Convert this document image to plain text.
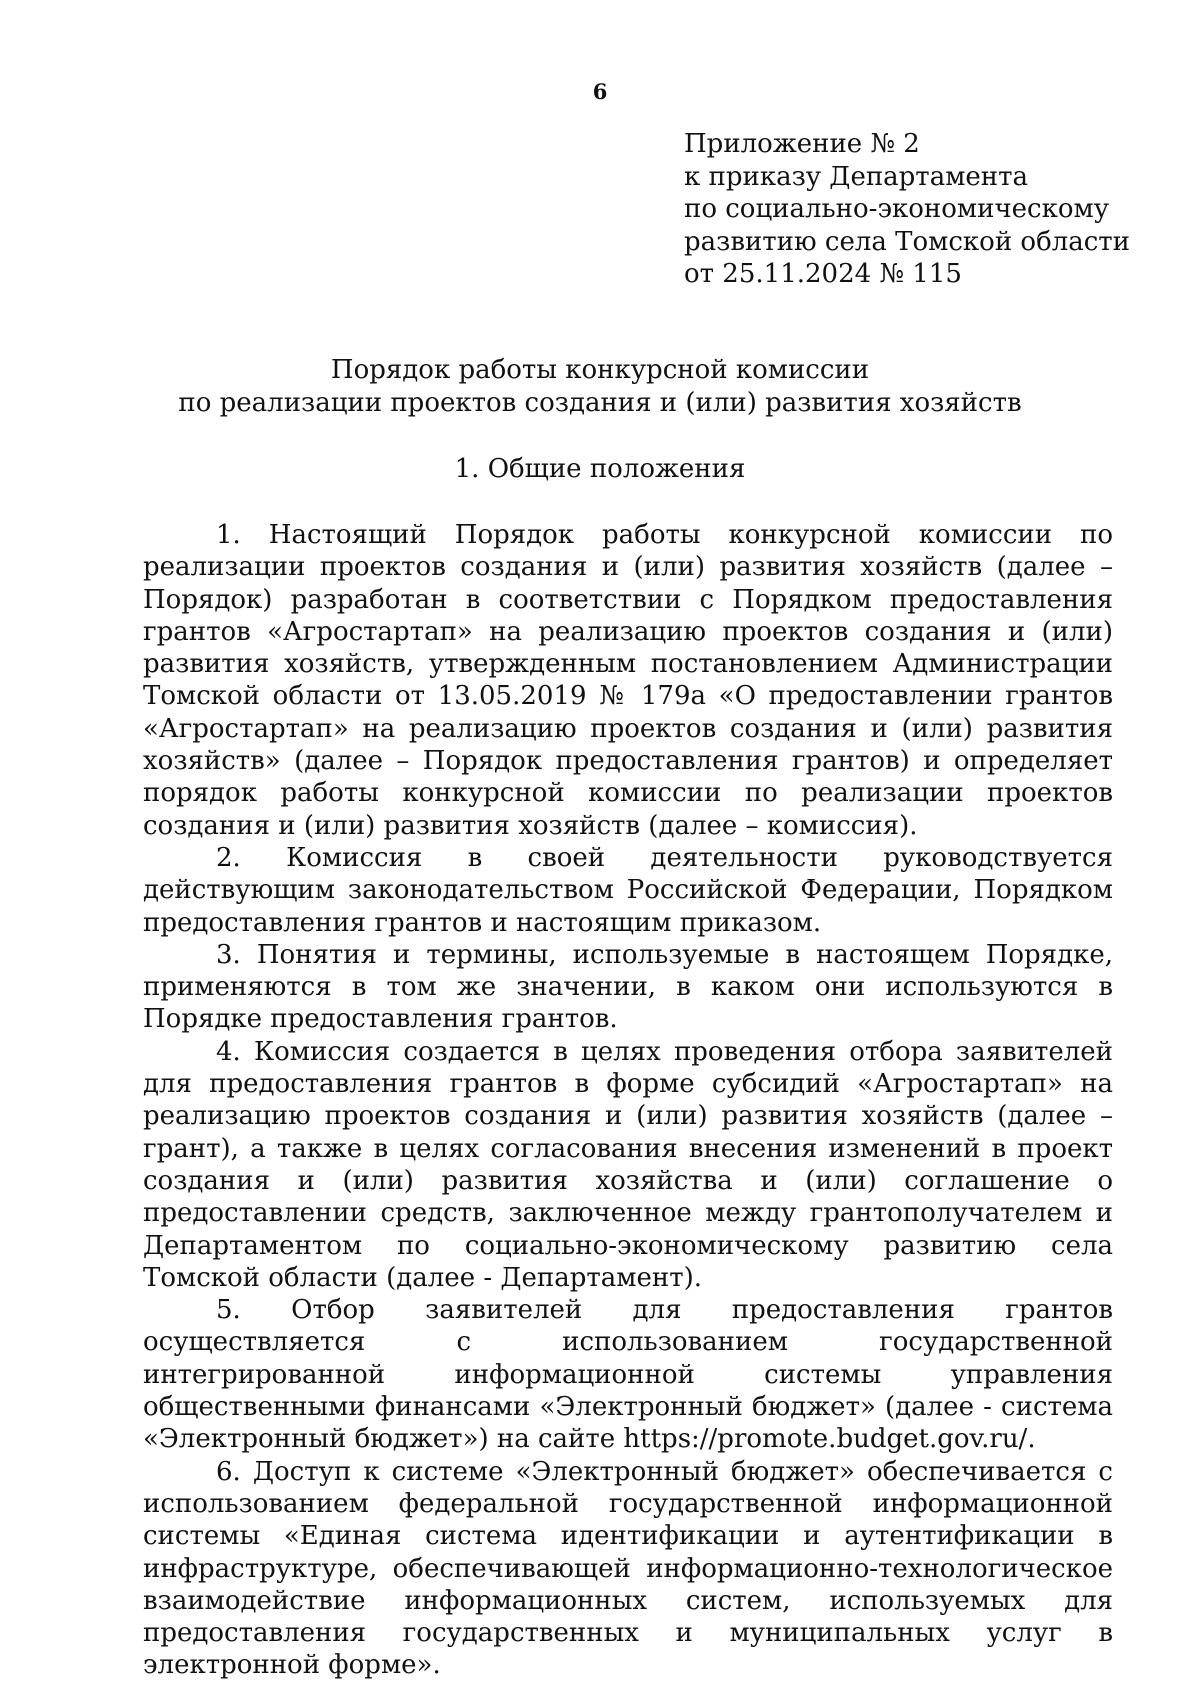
6
Приложение № 2
к приказу Департамента
по социально-экономическому
развитию села Томской области
от 25.11.2024 № 115
Порядок работы конкурсной комиссии
по реализации проектов создания и (или) развития хозяйств
1. Общие положения

1. Настоящий Порядок работы конкурсной комиссии по реализации проектов создания и (или) развития хозяйств (далее – Порядок) разработан в соответствии с Порядком предоставления грантов «Агростартап» на реализацию проектов создания и (или) развития хозяйств, утвержденным постановлением Администрации Томской области от 13.05.2019 № 179а «О предоставлении грантов «Агростартап» на реализацию проектов создания и (или) развития хозяйств» (далее – Порядок предоставления грантов) и определяет порядок работы конкурсной комиссии по реализации проектов создания и (или) развития хозяйств (далее – комиссия).

2. Комиссия в своей деятельности руководствуется действующим законодательством Российской Федерации, Порядком предоставления грантов и настоящим приказом.

3. Понятия и термины, используемые в настоящем Порядке, применяются в том же значении, в каком они используются в Порядке предоставления грантов.

4. Комиссия создается в целях проведения отбора заявителей для предоставления грантов в форме субсидий «Агростартап» на реализацию проектов создания и (или) развития хозяйств (далее – грант), а также в целях согласования внесения изменений в проект создания и (или) развития хозяйства и (или) соглашение о предоставлении средств, заключенное между грантополучателем и Департаментом по социально-экономическому развитию села Томской области (далее - Департамент).

5. Отбор заявителей для предоставления грантов осуществляется с использованием государственной интегрированной информационной системы управления общественными финансами «Электронный бюджет» (далее - система «Электронный бюджет») на сайте https://promote.budget.gov.ru/.

6. Доступ к системе «Электронный бюджет» обеспечивается с использованием федеральной государственной информационной системы «Единая система идентификации и аутентификации в инфраструктуре, обеспечивающей информационно-технологическое взаимодействие информационных систем, используемых для предоставления государственных и муниципальных услуг в электронной форме».
